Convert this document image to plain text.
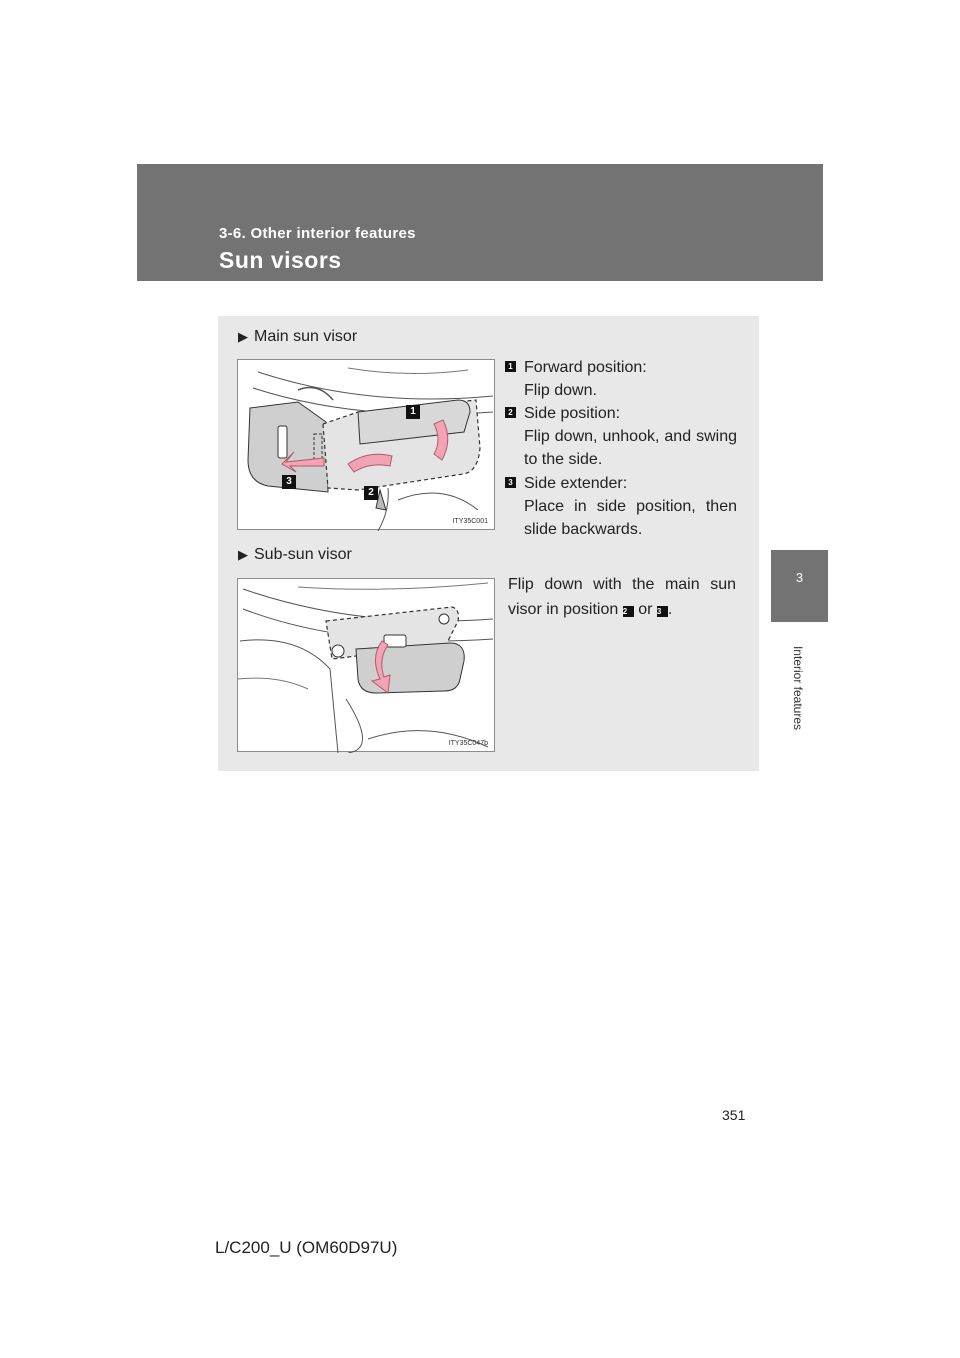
3-6. Other interior features
Sun visors
3
Interior features
▶ Main sun visor
1
2
3
ITY35C001
1 Forward position:
Flip down.
2 Side position:
Flip down, unhook, and swing to the side.
3 Side extender:
Place in side position, then slide backwards.
▶ Sub-sun visor
ITY35C047b
Flip down with the main sun visor in position 2 or 3 .
351
L/C200_U (OM60D97U)
